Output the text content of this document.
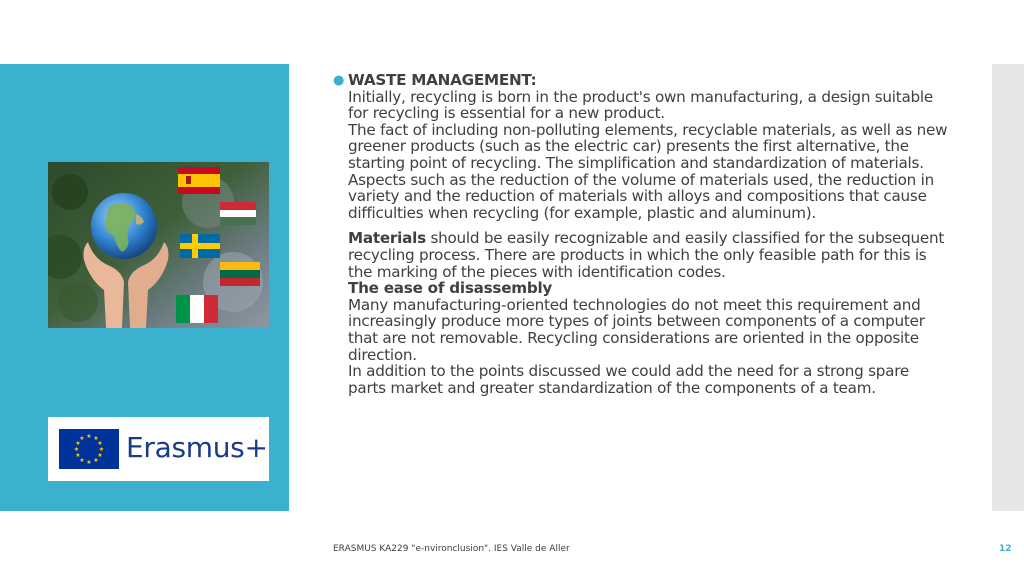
★ ★
★
★
★
★
★
★
★
★
★
★ Erasmus+
● WASTE MANAGEMENT:

Initially, recycling is born in the product's own manufacturing, a design suitable for recycling is essential for a new product.

The fact of including non-polluting elements, recyclable materials, as well as new greener products (such as the electric car) presents the first alternative, the starting point of recycling. The simplification and standardization of materials.

Aspects such as the reduction of the volume of materials used, the reduction in variety and the reduction of materials with alloys and compositions that cause difficulties when recycling (for example, plastic and aluminum).

Materials should be easily recognizable and easily classified for the subsequent recycling process. There are products in which the only feasible path for this is the marking of the pieces with identification codes.

The ease of disassembly

Many manufacturing-oriented technologies do not meet this requirement and increasingly produce more types of joints between components of a computer that are not removable. Recycling considerations are oriented in the opposite direction.

In addition to the points discussed we could add the need for a strong spare parts market and greater standardization of the components of a team.

ERASMUS KA229 "e-nvironclusion". IES Valle de Aller	12
